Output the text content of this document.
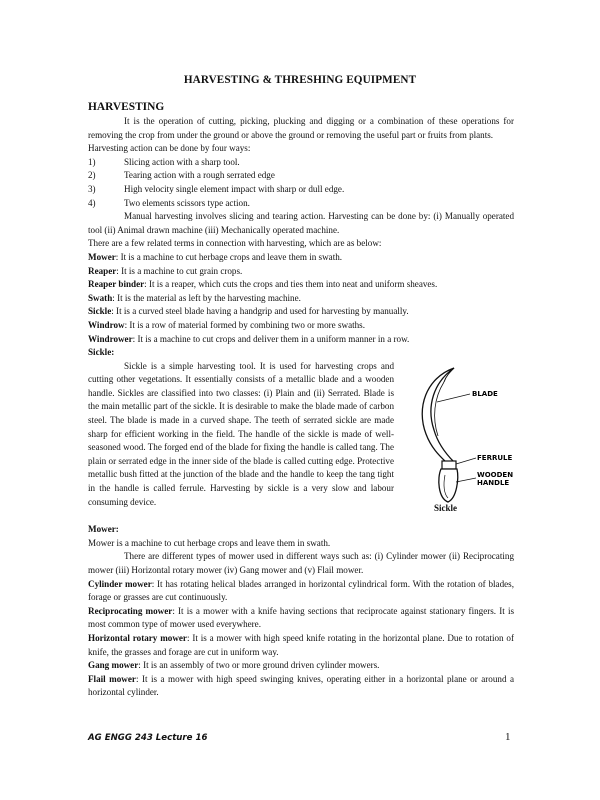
HARVESTING & THRESHING EQUIPMENT
HARVESTING

It is the operation of cutting, picking, plucking and digging or a combination of these operations for removing the crop from under the ground or above the ground or removing the useful part or fruits from plants.

Harvesting action can be done by four ways:

1)	Slicing action with a sharp tool.
2)	Tearing action with a rough serrated edge
3)	High velocity single element impact with sharp or dull edge.
4)	Two elements scissors type action.

Manual harvesting involves slicing and tearing action. Harvesting can be done by: (i) Manually operated tool (ii) Animal drawn machine (iii) Mechanically operated machine.

There are a few related terms in connection with harvesting, which are as below:

Mower: It is a machine to cut herbage crops and leave them in swath.

Reaper: It is a machine to cut grain crops.

Reaper binder: It is a reaper, which cuts the crops and ties them into neat and uniform sheaves.

Swath: It is the material as left by the harvesting machine.

Sickle: It is a curved steel blade having a handgrip and used for harvesting by manually.

Windrow: It is a row of material formed by combining two or more swaths.

Windrower: It is a machine to cut crops and deliver them in a uniform manner in a row.

Sickle:

Sickle is a simple harvesting tool. It is used for harvesting crops and cutting other vegetations. It essentially consists of a metallic blade and a wooden handle. Sickles are classified into two classes: (i) Plain and (ii) Serrated. Blade is the main metallic part of the sickle. It is desirable to make the blade made of carbon steel. The blade is made in a curved shape. The teeth of serrated sickle are made sharp for efficient working in the field. The handle of the sickle is made of well-seasoned wood. The forged end of the blade for fixing the handle is called tang. The plain or serrated edge in the inner side of the blade is called cutting edge. Protective metallic bush fitted at the junction of the blade and the handle to keep the tang tight in the handle is called ferrule. Harvesting by sickle is a very slow and labour consuming device.

BLADE
FERRULE
WOODEN
HANDLE
Sickle
Mower:

Mower is a machine to cut herbage crops and leave them in swath.

There are different types of mower used in different ways such as: (i) Cylinder mower (ii) Reciprocating mower (iii) Horizontal rotary mower (iv) Gang mower and (v) Flail mower.

Cylinder mower: It has rotating helical blades arranged in horizontal cylindrical form. With the rotation of blades, forage or grasses are cut continuously.

Reciprocating mower: It is a mower with a knife having sections that reciprocate against stationary fingers. It is most common type of mower used everywhere.

Horizontal rotary mower: It is a mower with high speed knife rotating in the horizontal plane. Due to rotation of knife, the grasses and forage are cut in uniform way.

Gang mower: It is an assembly of two or more ground driven cylinder mowers.

Flail mower: It is a mower with high speed swinging knives, operating either in a horizontal plane or around a horizontal cylinder.

AG ENGG 243 Lecture 16	1
